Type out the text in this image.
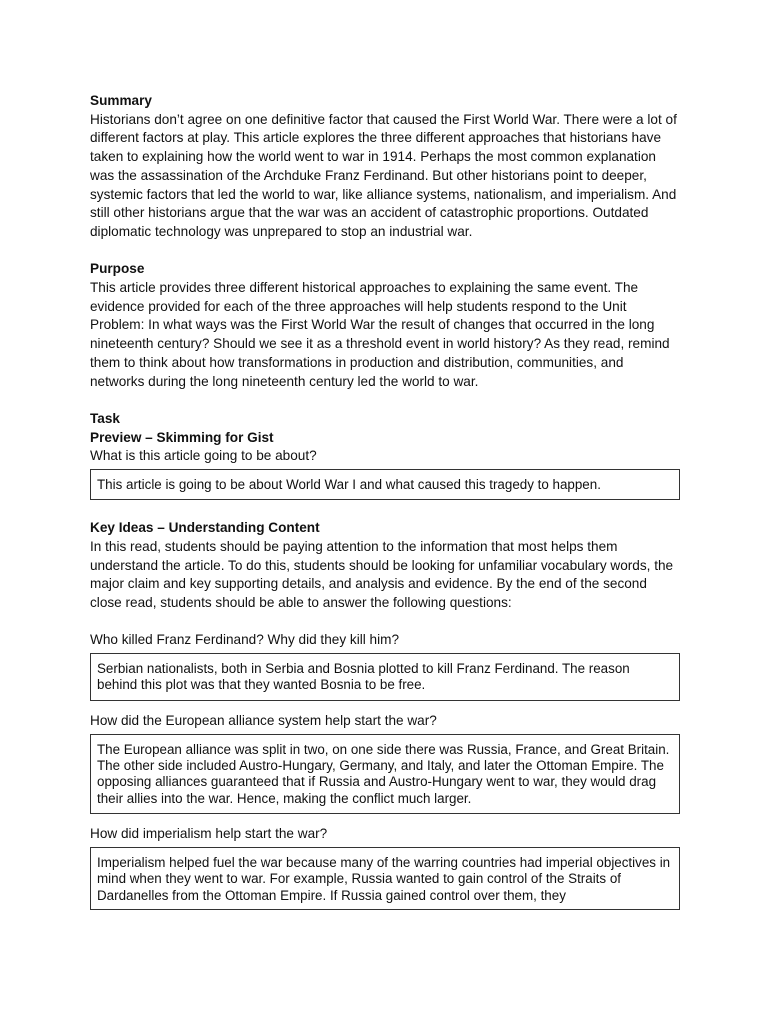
Summary

Historians don’t agree on one definitive factor that caused the First World War. There were a lot of different factors at play. This article explores the three different approaches that historians have taken to explaining how the world went to war in 1914. Perhaps the most common explanation was the assassination of the Archduke Franz Ferdinand. But other historians point to deeper, systemic factors that led the world to war, like alliance systems, nationalism, and imperialism. And still other historians argue that the war was an accident of catastrophic proportions. Outdated diplomatic technology was unprepared to stop an industrial war.

Purpose

This article provides three different historical approaches to explaining the same event. The evidence provided for each of the three approaches will help students respond to the Unit Problem: In what ways was the First World War the result of changes that occurred in the long nineteenth century? Should we see it as a threshold event in world history? As they read, remind them to think about how transformations in production and distribution, communities, and networks during the long nineteenth century led the world to war.

Task

Preview – Skimming for Gist

What is this article going to be about?

This article is going to be about World War I and what caused this tragedy to happen.

Key Ideas – Understanding Content

In this read, students should be paying attention to the information that most helps them understand the article. To do this, students should be looking for unfamiliar vocabulary words, the major claim and key supporting details, and analysis and evidence. By the end of the second close read, students should be able to answer the following questions:

Who killed Franz Ferdinand? Why did they kill him?

Serbian nationalists, both in Serbia and Bosnia plotted to kill Franz Ferdinand. The reason behind this plot was that they wanted Bosnia to be free.

How did the European alliance system help start the war?

The European alliance was split in two, on one side there was Russia, France, and Great Britain. The other side included Austro-Hungary, Germany, and Italy, and later the Ottoman Empire. The opposing alliances guaranteed that if Russia and Austro-Hungary went to war, they would drag their allies into the war. Hence, making the conflict much larger.

How did imperialism help start the war?

Imperialism helped fuel the war because many of the warring countries had imperial objectives in mind when they went to war. For example, Russia wanted to gain control of the Straits of Dardanelles from the Ottoman Empire. If Russia gained control over them, they
